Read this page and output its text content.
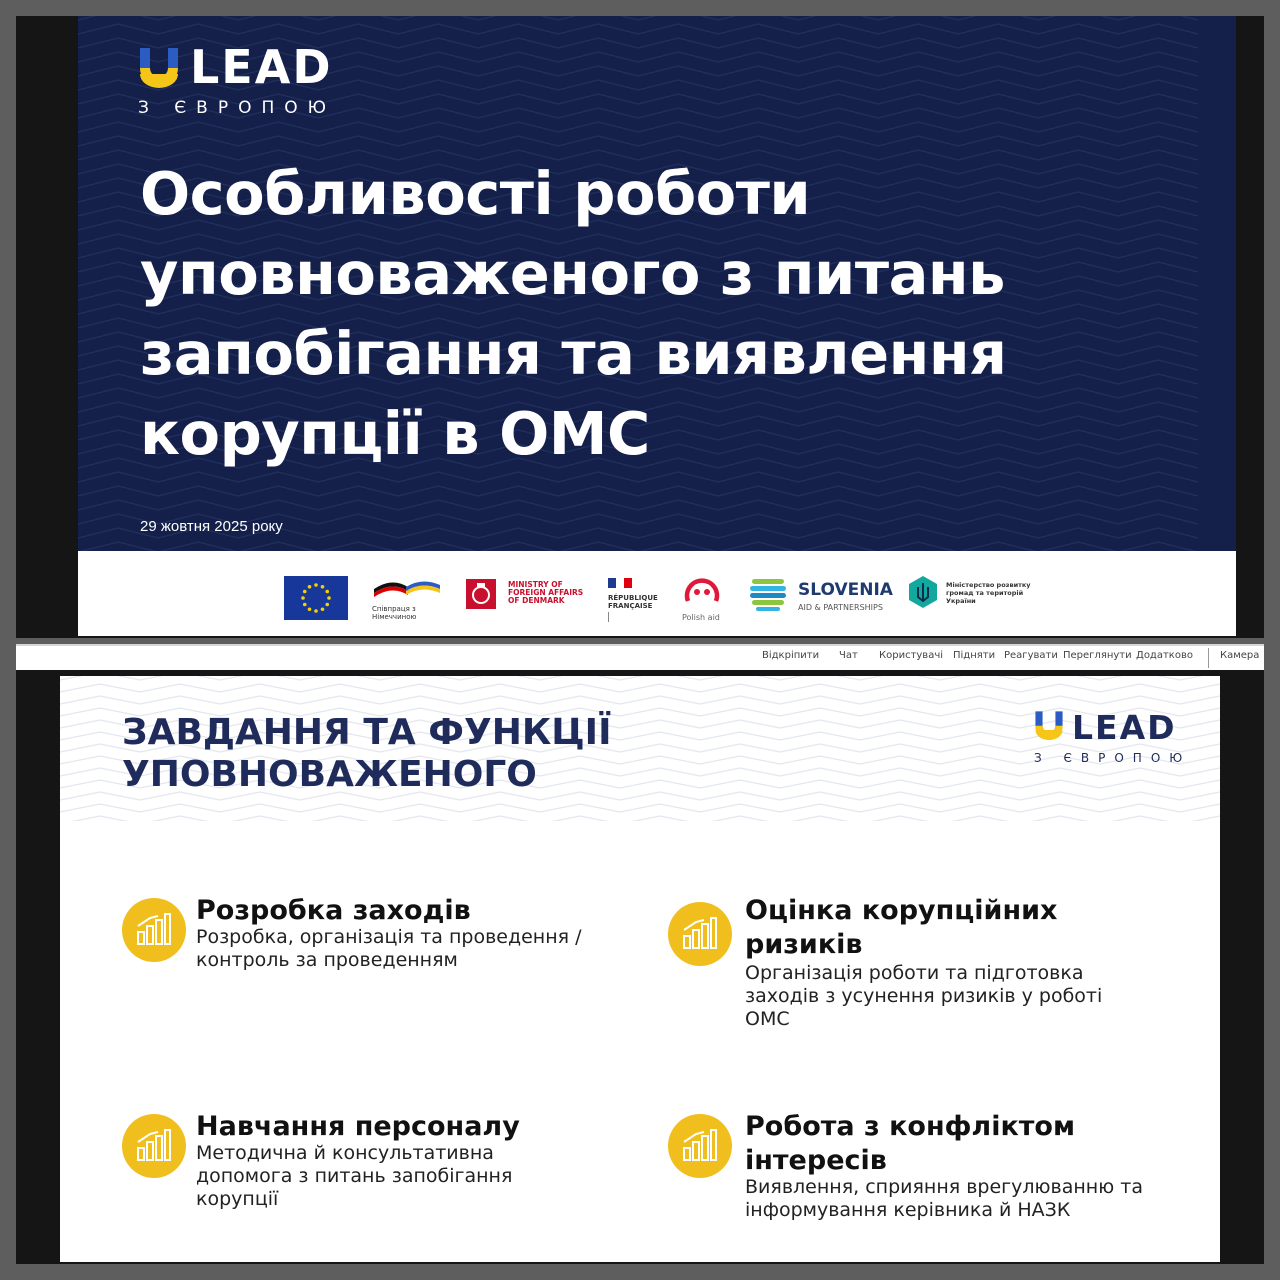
LEAD
З ЄВРОПОЮ
Особливості роботи уповноваженого з питань запобігання та виявлення корупції в ОМС
29 жовтня 2025 року
Співпраця з Німеччиною
MINISTRY OF FOREIGN AFFAIRS OF DENMARK	RÉPUBLIQUE FRANÇAISE
Polish aid
SLOVENIA
AID & PARTNERSHIPS
Міністерство розвитку громад та територій України
Відкріпити Чат Користувачі Підняти Реагувати Переглянути Додатково	Камера
ЗАВДАННЯ ТА ФУНКЦІЇ
УПОВНОВАЖЕНОГО
LEAD
З ЄВРОПОЮ
Розробка заходів
Розробка, організація та проведення / контроль за проведенням
Оцінка корупційних ризиків
Організація роботи та підготовка заходів з усунення ризиків у роботі ОМС
Навчання персоналу
Методична й консультативна допомога з питань запобігання корупції
Робота з конфліктом інтересів
Виявлення, сприяння врегулюванню та інформування керівника й НАЗК
